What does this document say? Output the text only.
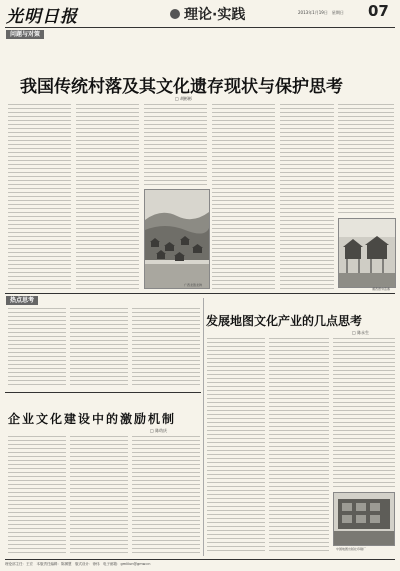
光明日报	理论·实践	2013年1月19日　星期日 07
问题与对策
我国传统村落及其文化遗存现状与保护思考
□ 胡彬彬
广西龙胜龙脊
湘西德夯苗寨
热点思考
发展地图文化产业的几点思考
□ 陈永生
中国地图出版社印刷厂
企业文化建设中的激励机制
□ 陈幼庆
理论部主任：王宏　本版责任编辑：陈渊慧　版式设计：徐伟　电子邮箱：gmlilun@gmw.cn
